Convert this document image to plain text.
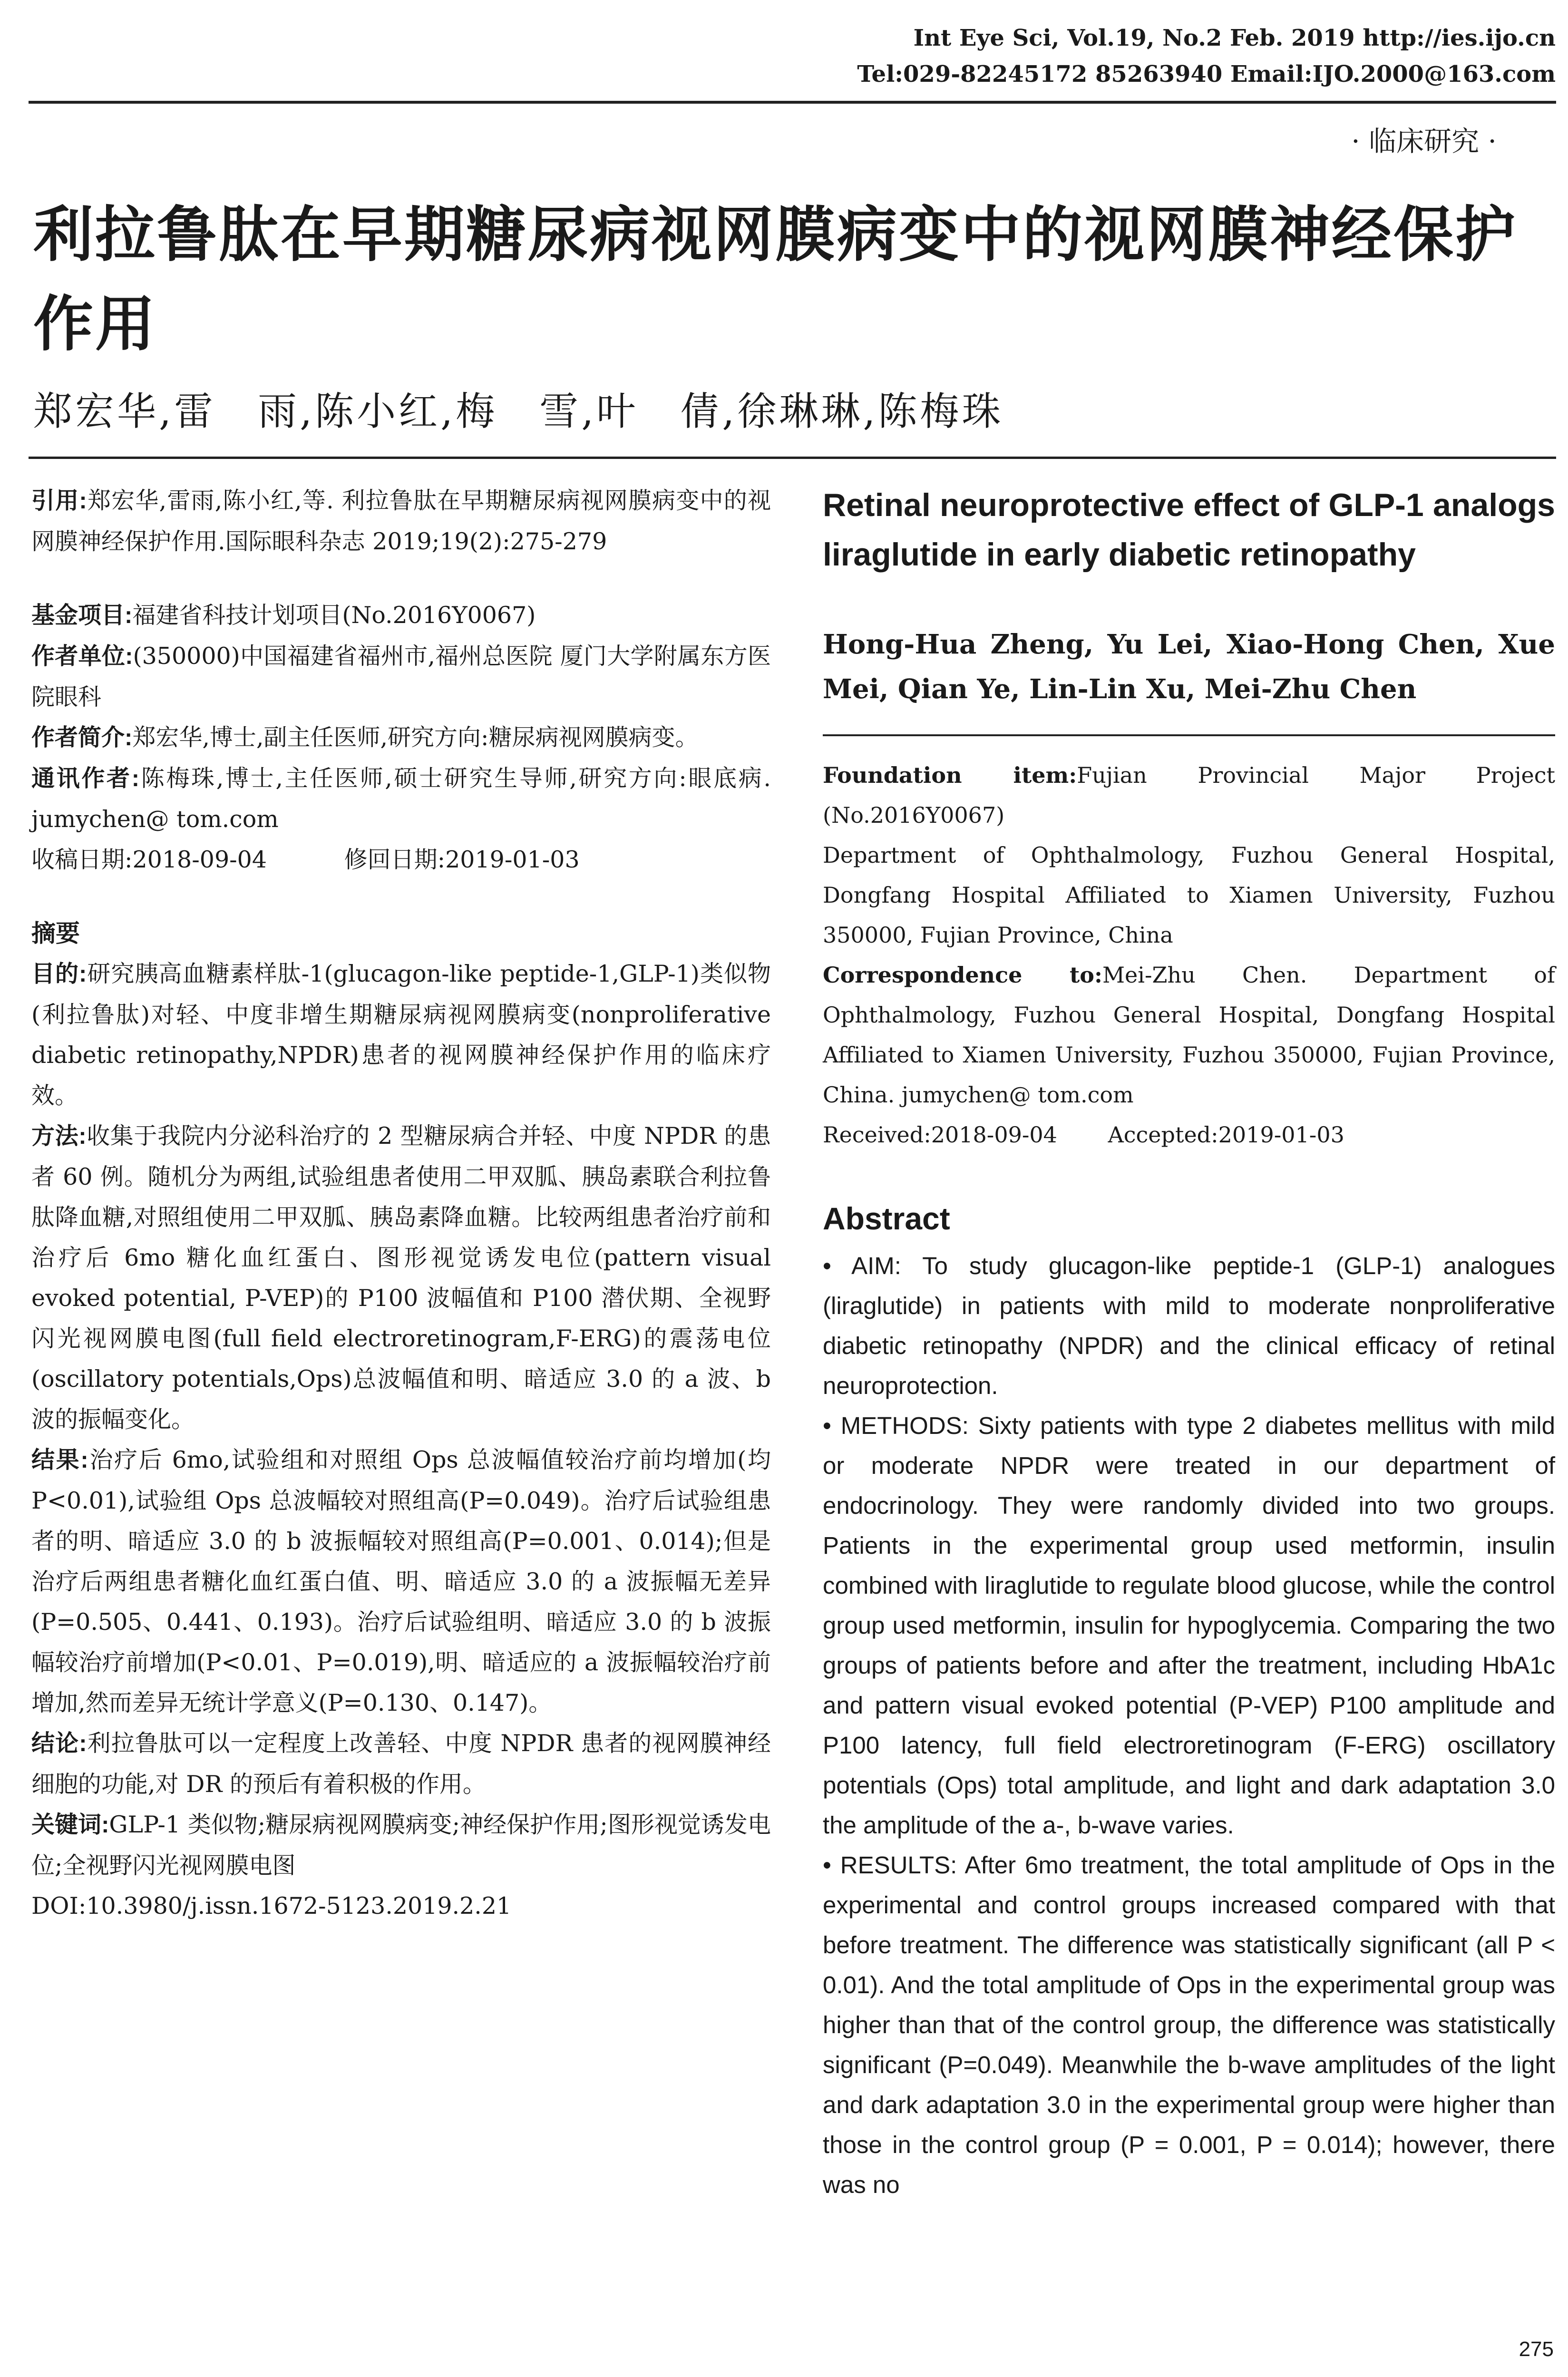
Int Eye Sci, Vol.19, No.2 Feb. 2019 http://ies.ijo.cn
Tel:029-82245172 85263940 Email:IJO.2000@163.com
· 临床研究 ·
利拉鲁肽在早期糖尿病视网膜病变中的视网膜神经保护作用
郑宏华,雷　雨,陈小红,梅　雪,叶　倩,徐琳琳,陈梅珠

引用:郑宏华,雷雨,陈小红,等. 利拉鲁肽在早期糖尿病视网膜病变中的视网膜神经保护作用.国际眼科杂志 2019;19(2):275-279

基金项目:福建省科技计划项目(No.2016Y0067)

作者单位:(350000)中国福建省福州市,福州总医院 厦门大学附属东方医院眼科

作者简介:郑宏华,博士,副主任医师,研究方向:糖尿病视网膜病变。

通讯作者:陈梅珠,博士,主任医师,硕士研究生导师,研究方向:眼底病. jumychen@ tom.com

收稿日期:2018-09-04    	修回日期:2019-01-03

摘要

目的:研究胰高血糖素样肽-1(glucagon-like peptide-1,GLP-1)类似物(利拉鲁肽)对轻、中度非增生期糖尿病视网膜病变(nonproliferative diabetic retinopathy,NPDR)患者的视网膜神经保护作用的临床疗效。

方法:收集于我院内分泌科治疗的 2 型糖尿病合并轻、中度 NPDR 的患者 60 例。随机分为两组,试验组患者使用二甲双胍、胰岛素联合利拉鲁肽降血糖,对照组使用二甲双胍、胰岛素降血糖。比较两组患者治疗前和治疗后 6mo 糖化血红蛋白、图形视觉诱发电位(pattern visual evoked potential, P-VEP)的 P100 波幅值和 P100 潜伏期、全视野闪光视网膜电图(full field electroretinogram,F-ERG)的震荡电位(oscillatory potentials,Ops)总波幅值和明、暗适应 3.0 的 a 波、b 波的振幅变化。

结果:治疗后 6mo,试验组和对照组 Ops 总波幅值较治疗前均增加(均 P<0.01),试验组 Ops 总波幅较对照组高(P=0.049)。治疗后试验组患者的明、暗适应 3.0 的 b 波振幅较对照组高(P=0.001、0.014);但是治疗后两组患者糖化血红蛋白值、明、暗适应 3.0 的 a 波振幅无差异(P=0.505、0.441、0.193)。治疗后试验组明、暗适应 3.0 的 b 波振幅较治疗前增加(P<0.01、P=0.019),明、暗适应的 a 波振幅较治疗前增加,然而差异无统计学意义(P=0.130、0.147)。

结论:利拉鲁肽可以一定程度上改善轻、中度 NPDR 患者的视网膜神经细胞的功能,对 DR 的预后有着积极的作用。

关键词:GLP-1 类似物;糖尿病视网膜病变;神经保护作用;图形视觉诱发电位;全视野闪光视网膜电图

DOI:10.3980/j.issn.1672-5123.2019.2.21

Retinal neuroprotective effect of GLP-1 analogs liraglutide in early diabetic retinopathy

Hong-Hua Zheng, Yu Lei, Xiao-Hong Chen, Xue Mei, Qian Ye, Lin-Lin Xu, Mei-Zhu Chen

Foundation item:Fujian Provincial Major Project (No.2016Y0067)

Department of Ophthalmology, Fuzhou General Hospital, Dongfang Hospital Affiliated to Xiamen University, Fuzhou 350000, Fujian Province, China

Correspondence to:Mei-Zhu Chen. Department of Ophthalmology, Fuzhou General Hospital, Dongfang Hospital Affiliated to Xiamen University, Fuzhou 350000, Fujian Province, China. jumychen@ tom.com

Received:2018-09-04    Accepted:2019-01-03

Abstract

• AIM: To study glucagon-like peptide-1 (GLP-1) analogues (liraglutide) in patients with mild to moderate nonproliferative diabetic retinopathy (NPDR) and the clinical efficacy of retinal neuroprotection.

• METHODS: Sixty patients with type 2 diabetes mellitus with mild or moderate NPDR were treated in our department of endocrinology. They were randomly divided into two groups. Patients in the experimental group used metformin, insulin combined with liraglutide to regulate blood glucose, while the control group used metformin, insulin for hypoglycemia. Comparing the two groups of patients before and after the treatment, including HbA1c and pattern visual evoked potential (P-VEP) P100 amplitude and P100 latency, full field electroretinogram (F-ERG) oscillatory potentials (Ops) total amplitude, and light and dark adaptation 3.0 the amplitude of the a-, b-wave varies.

• RESULTS: After 6mo treatment, the total amplitude of Ops in the experimental and control groups increased compared with that before treatment. The difference was statistically significant (all P < 0.01). And the total amplitude of Ops in the experimental group was higher than that of the control group, the difference was statistically significant (P=0.049). Meanwhile the b-wave amplitudes of the light and dark adaptation 3.0 in the experimental group were higher than those in the control group (P = 0.001, P = 0.014); however, there was no

275
